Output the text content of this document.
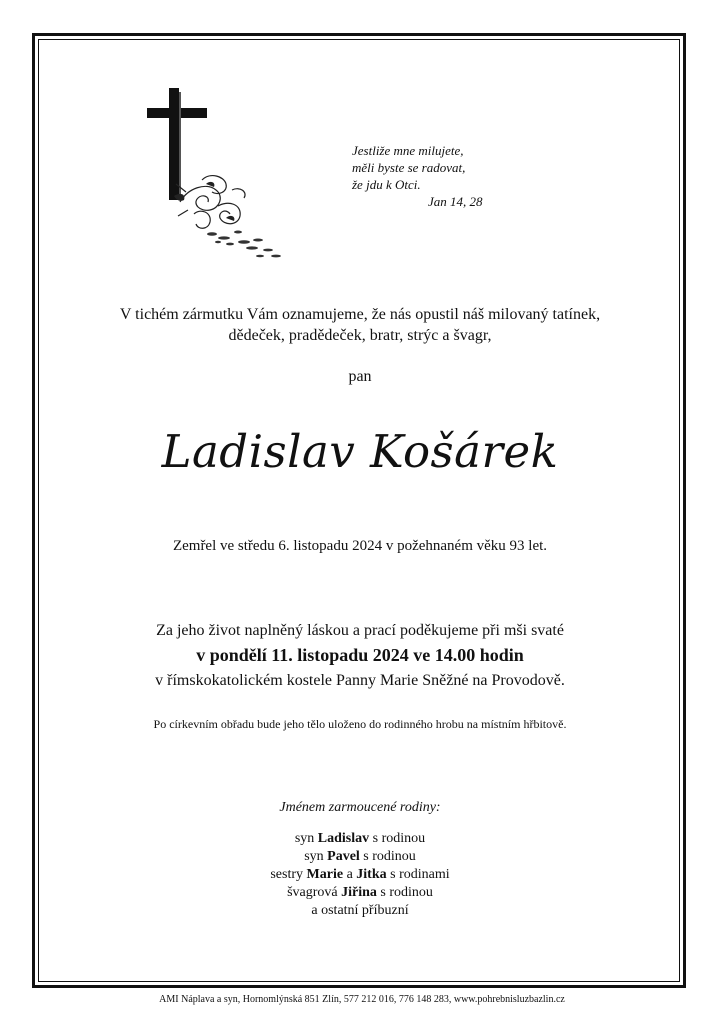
Jestliže mne milujete,
měli byste se radovat,
že jdu k Otci.
Jan 14, 28
V tichém zármutku Vám oznamujeme, že nás opustil náš milovaný tatínek,
dědeček, pradědeček, bratr, strýc a švagr,
pan
Ladislav Košárek
Zemřel ve středu 6. listopadu 2024 v požehnaném věku 93 let.
Za jeho život naplněný láskou a prací poděkujeme při mši svaté
v pondělí 11. listopadu 2024 ve 14.00 hodin
v římskokatolickém kostele Panny Marie Sněžné na Provodově.
Po církevním obřadu bude jeho tělo uloženo do rodinného hrobu na místním hřbitově.
Jménem zarmoucené rodiny:
syn Ladislav s rodinou
syn Pavel s rodinou
sestry Marie a Jitka s rodinami
švagrová Jiřina s rodinou
a ostatní příbuzní
AMI Náplava a syn, Hornomlýnská 851 Zlín, 577 212 016, 776 148 283, www.pohrebnisluzbazlin.cz
